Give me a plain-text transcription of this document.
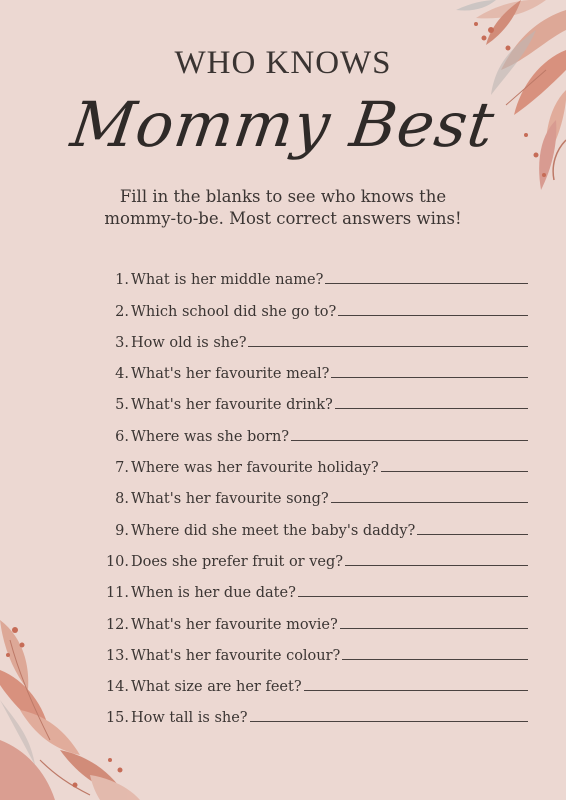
WHO KNOWS
Mommy Best
Fill in the blanks to see who knows the mommy-to-be. Most correct answers wins!
1. What is her middle name?
2. Which school did she go to?
3. How old is she?
4. What's her favourite meal?
5. What's her favourite drink?
6. Where was she born?
7. Where was her favourite holiday?
8. What's her favourite song?
9. Where did she meet the baby's daddy?
10. Does she prefer fruit or veg?
11. When is her due date?
12. What's her favourite movie?
13. What's her favourite colour?
14. What size are her feet?
15. How tall is she?
